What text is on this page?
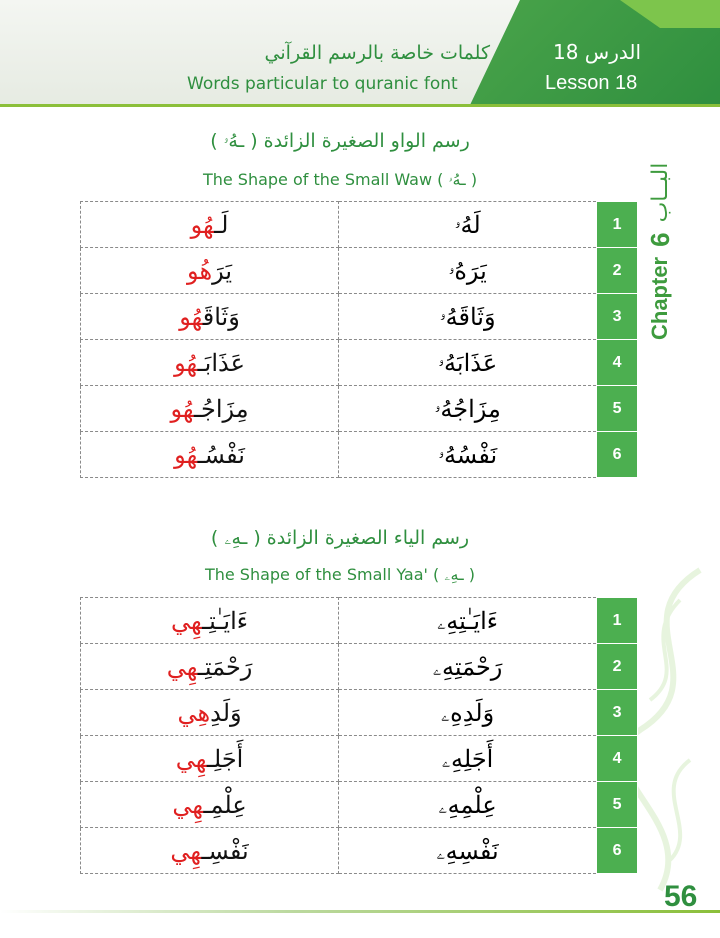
الدرس 18
Lesson 18
كلمات خاصة بالرسم القرآني
Words particular to quranic font
Chapter
6
البــاب
رسم الواو الصغيرة الزائدة ( ـهُۥ )
The Shape of the Small Waw ( ـهُۥ )
لَـهُو	لَهُۥ	1
يَرَهُو	يَرَهُۥ	2
وَثَاقَهُو	وَثَاقَهُۥ	3
عَذَابَـهُو	عَذَابَهُۥ	4
مِزَاجُـهُو	مِزَاجُهُۥ	5
نَفْسُـهُو	نَفْسُهُۥ	6
رسم الياء الصغيرة الزائدة ( ـهِۦ )
The Shape of the Small Yaa' ( ـهِۦ )
ءَايَـٰتِـهِي	ءَايَـٰتِهِۦ	1
رَحْمَتِـهِي	رَحْمَتِهِۦ	2
وَلَدِهِي	وَلَدِهِۦ	3
أَجَلِـهِي	أَجَلِهِۦ	4
عِلْمِـهِي	عِلْمِهِۦ	5
نَفْسِـهِي	نَفْسِهِۦ	6
56
